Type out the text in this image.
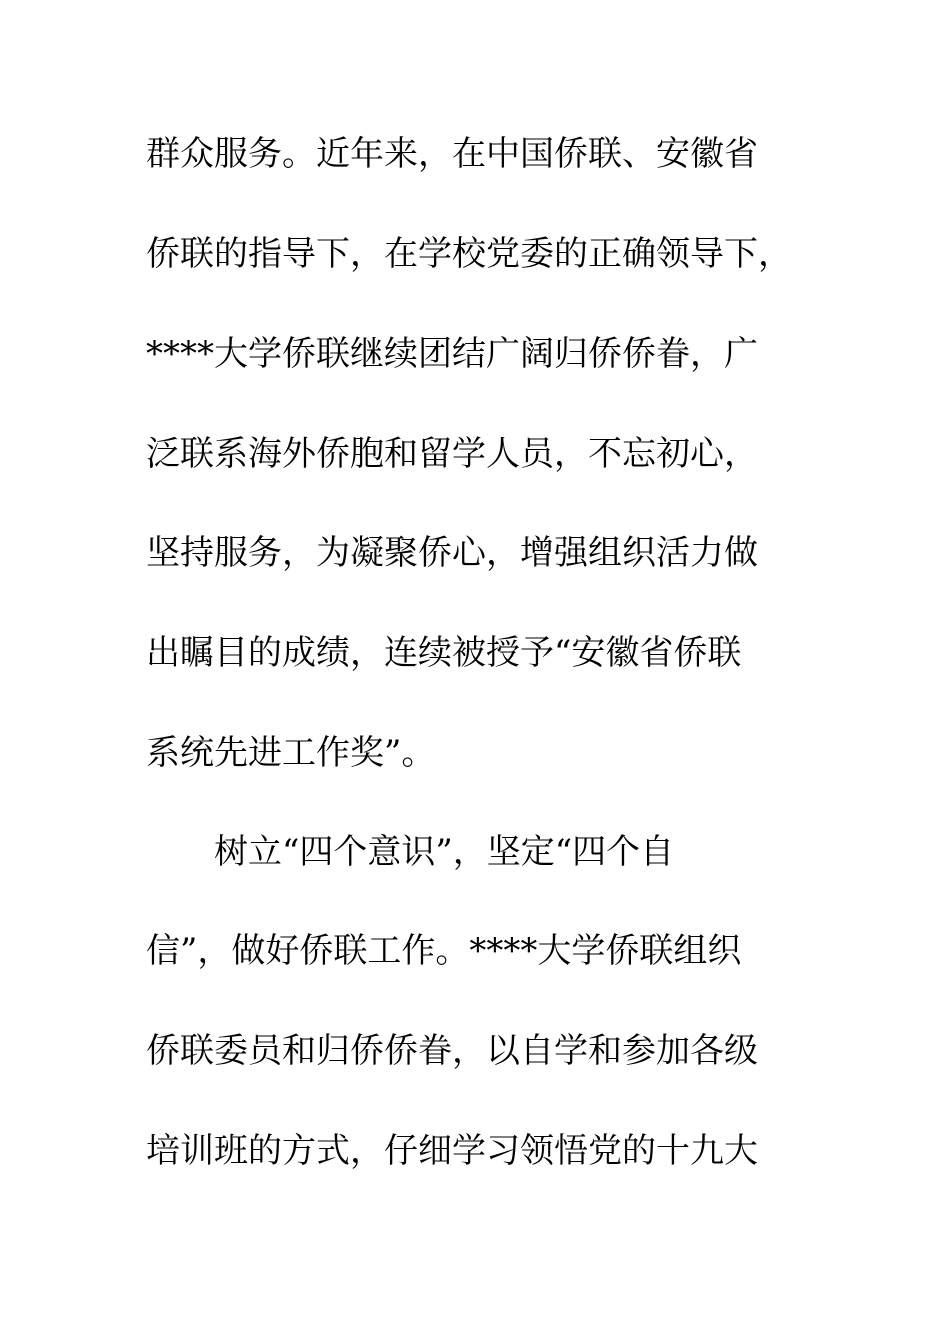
群众服务。近年来，在中国侨联、安徽省
侨联的指导下，在学校党委的正确领导下，
****大学侨联继续团结广阔归侨侨眷，广
泛联系海外侨胞和留学人员，不忘初心，
坚持服务，为凝聚侨心，增强组织活力做
出瞩目的成绩，连续被授予“安徽省侨联
系统先进工作奖”。
树立“四个意识”，坚定“四个自
信”，做好侨联工作。****大学侨联组织
侨联委员和归侨侨眷，以自学和参加各级
培训班的方式，仔细学习领悟党的十九大
